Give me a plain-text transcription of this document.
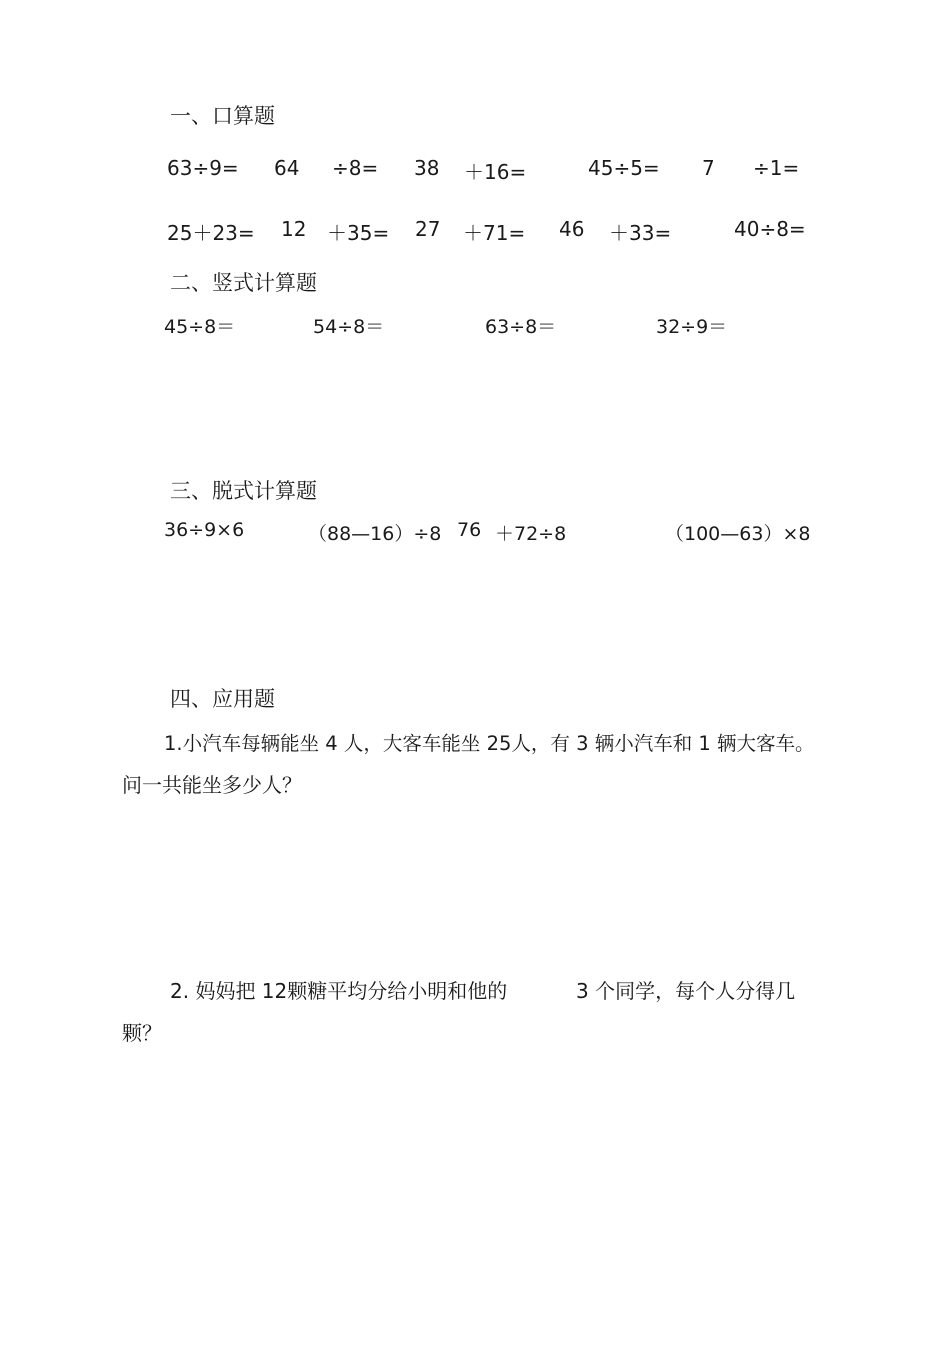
一、口算题
63÷9= 64 ÷8= 38 ＋16=	45÷5= 7 ÷1=
25＋23= 12 ＋35= 27 ＋71= 46 ＋33=	40÷8=
二、竖式计算题
45÷8＝	54÷8＝	63÷8＝	32÷9＝
三、脱式计算题
36÷9×6	（88—16）÷8 76 ＋72÷8	（100—63）×8
四、应用题
1.小汽车每辆能坐 4 人，大客车能坐 25人，有 3 辆小汽车和 1 辆大客车。
问一共能坐多少人？
2. 妈妈把 12颗糖平均分给小明和他的	3 个同学，每个人分得几
颗？
